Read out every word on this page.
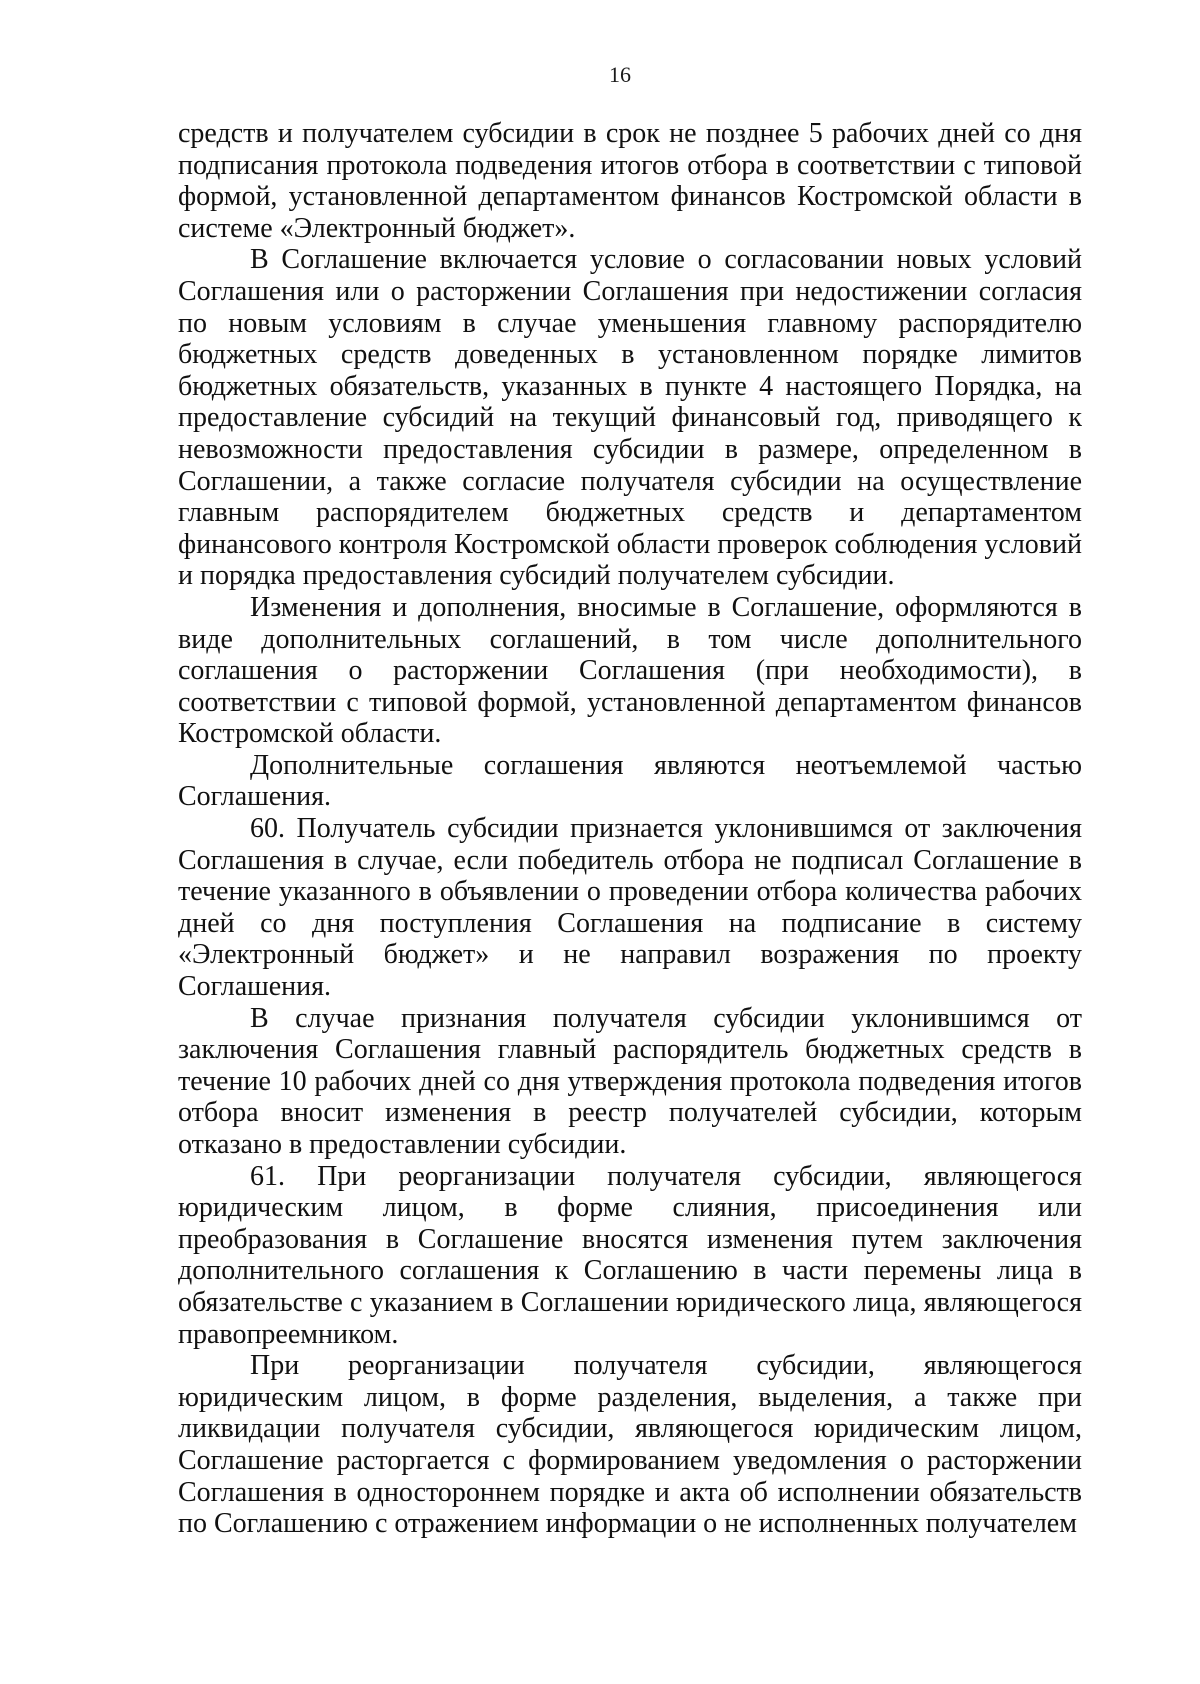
16

средств и получателем субсидии в срок не позднее 5 рабочих дней со дня подписания протокола подведения итогов отбора в соответствии с типовой формой, установленной департаментом финансов Костромской области в системе «Электронный бюджет».

В Соглашение включается условие о согласовании новых условий Соглашения или о расторжении Соглашения при недостижении согласия по новым условиям в случае уменьшения главному распорядителю бюджетных средств доведенных в установленном порядке лимитов бюджетных обязательств, указанных в пункте 4 настоящего Порядка, на предоставление субсидий на текущий финансовый год, приводящего к невозможности предоставления субсидии в размере, определенном в Соглашении, а также согласие получателя субсидии на осуществление главным распорядителем бюджетных средств и департаментом финансового контроля Костромской области проверок соблюдения условий и порядка предоставления субсидий получателем субсидии.

Изменения и дополнения, вносимые в Соглашение, оформляются в виде дополнительных соглашений, в том числе дополнительного соглашения о расторжении Соглашения (при необходимости), в соответствии с типовой формой, установленной департаментом финансов Костромской области.

Дополнительные соглашения являются неотъемлемой частью Соглашения.

60. Получатель субсидии признается уклонившимся от заключения Соглашения в случае, если победитель отбора не подписал Соглашение в течение указанного в объявлении о проведении отбора количества рабочих дней со дня поступления Соглашения на подписание в систему «Электронный бюджет» и не направил возражения по проекту Соглашения.

В случае признания получателя субсидии уклонившимся от заключения Соглашения главный распорядитель бюджетных средств в течение 10 рабочих дней со дня утверждения протокола подведения итогов отбора вносит изменения в реестр получателей субсидии, которым отказано в предоставлении субсидии.

61. При реорганизации получателя субсидии, являющегося юридическим лицом, в форме слияния, присоединения или преобразования в Соглашение вносятся изменения путем заключения дополнительного соглашения к Соглашению в части перемены лица в обязательстве с указанием в Соглашении юридического лица, являющегося правопреемником.

При реорганизации получателя субсидии, являющегося юридическим лицом, в форме разделения, выделения, а также при ликвидации получателя субсидии, являющегося юридическим лицом, Соглашение расторгается с формированием уведомления о расторжении Соглашения в одностороннем порядке и акта об исполнении обязательств по Соглашению с отражением информации о не исполненных получателем
